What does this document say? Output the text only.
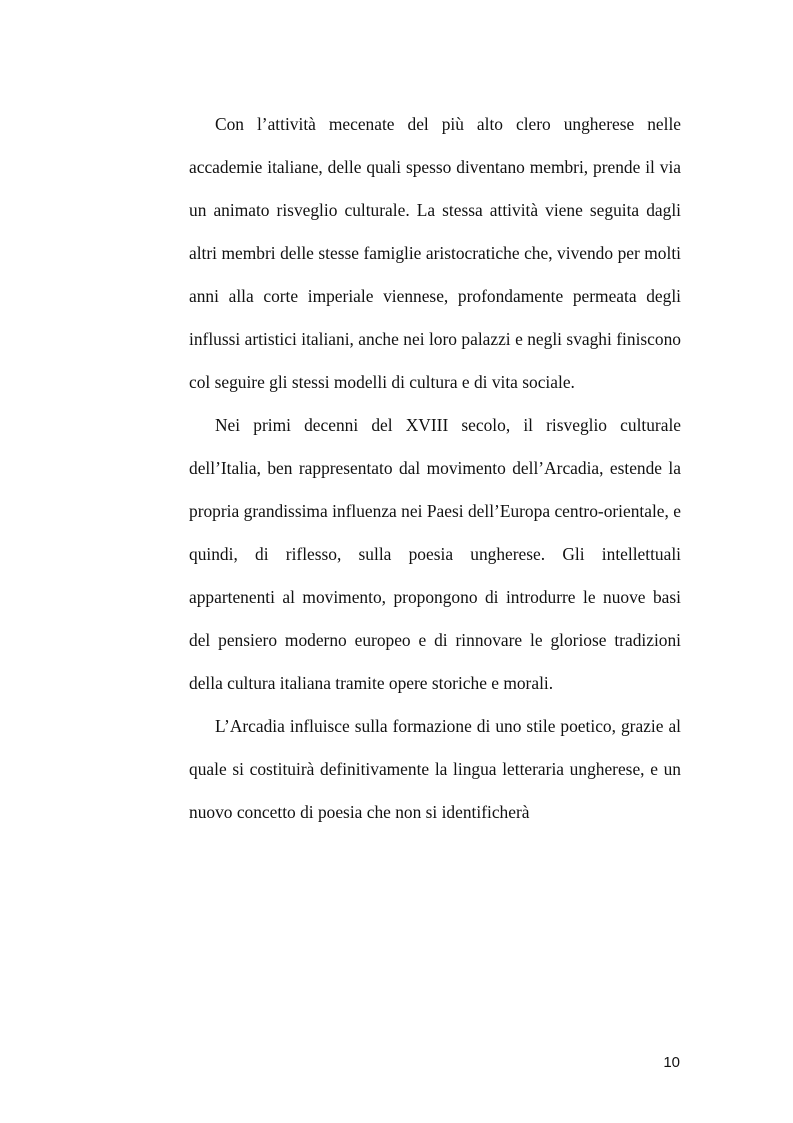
Con l’attività mecenate del più alto clero ungherese nelle accademie italiane, delle quali spesso diventano membri, prende il via un animato risveglio culturale. La stessa attività viene seguita dagli altri membri delle stesse famiglie aristocratiche che, vivendo per molti anni alla corte imperiale viennese, profondamente permeata degli influssi artistici italiani, anche nei loro palazzi e negli svaghi finiscono col seguire gli stessi modelli di cultura e di vita sociale.

Nei primi decenni del XVIII secolo, il risveglio culturale dell’Italia, ben rappresentato dal movimento dell’Arcadia, estende la propria grandissima influenza nei Paesi dell’Europa centro-orientale, e quindi, di riflesso, sulla poesia ungherese. Gli intellettuali appartenenti al movimento, propongono di introdurre le nuove basi del pensiero moderno europeo e di rinnovare le gloriose tradizioni della cultura italiana tramite opere storiche e morali.

L’Arcadia influisce sulla formazione di uno stile poetico, grazie al quale si costituirà definitivamente la lingua letteraria ungherese, e un nuovo concetto di poesia che non si identificherà

10
